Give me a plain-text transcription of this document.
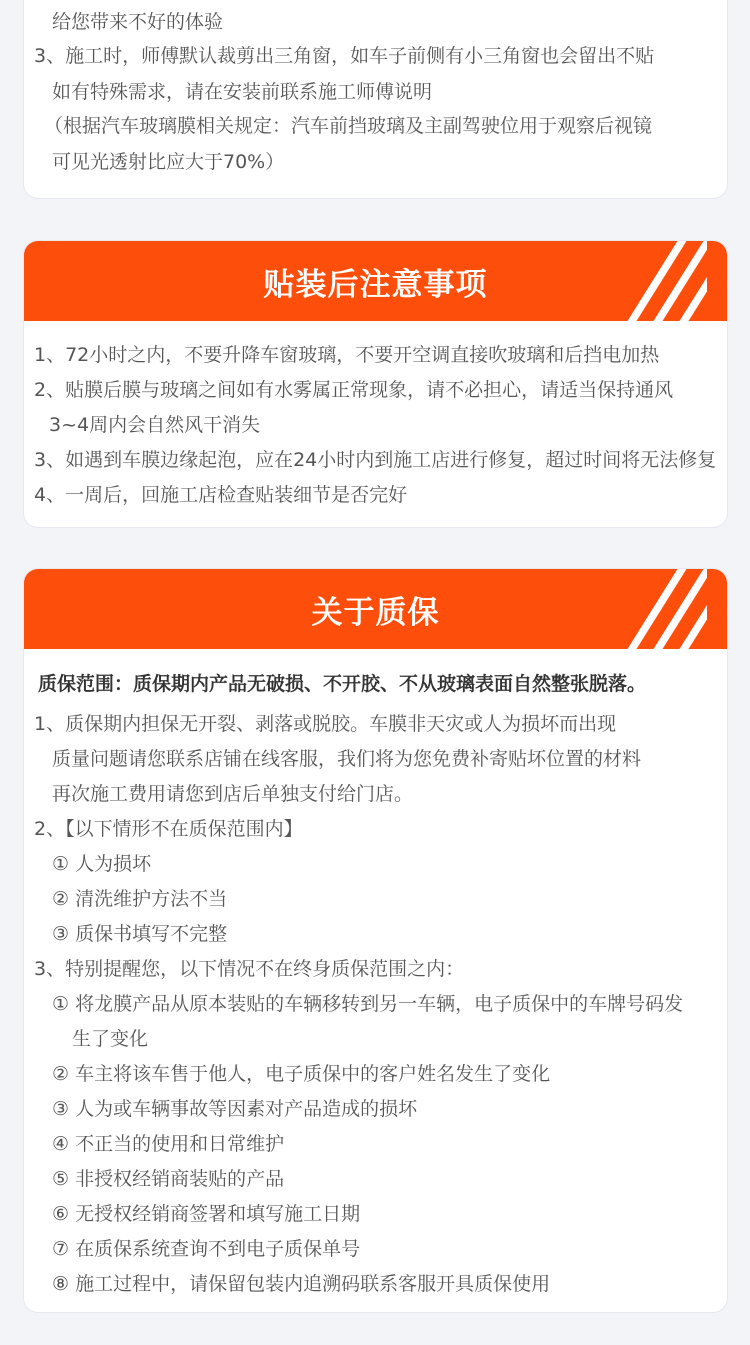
给您带来不好的体验
3、施工时，师傅默认裁剪出三角窗，如车子前侧有小三角窗也会留出不贴
如有特殊需求，请在安装前联系施工师傅说明
（根据汽车玻璃膜相关规定：汽车前挡玻璃及主副驾驶位用于观察后视镜
可见光透射比应大于70%）
贴装后注意事项
1、72小时之内，不要升降车窗玻璃，不要开空调直接吹玻璃和后挡电加热
2、贴膜后膜与玻璃之间如有水雾属正常现象，请不必担心，请适当保持通风
3~4周内会自然风干消失
3、如遇到车膜边缘起泡，应在24小时内到施工店进行修复，超过时间将无法修复
4、一周后，回施工店检查贴装细节是否完好
关于质保
质保范围：质保期内产品无破损、不开胶、不从玻璃表面自然整张脱落。
1、质保期内担保无开裂、剥落或脱胶。车膜非天灾或人为损坏而出现
质量问题请您联系店铺在线客服，我们将为您免费补寄贴坏位置的材料
再次施工费用请您到店后单独支付给门店。
2、【以下情形不在质保范围内】
① 人为损坏
② 清洗维护方法不当
③ 质保书填写不完整
3、特别提醒您，以下情况不在终身质保范围之内：
① 将龙膜产品从原本装贴的车辆移转到另一车辆，电子质保中的车牌号码发
生了变化
② 车主将该车售于他人，电子质保中的客户姓名发生了变化
③ 人为或车辆事故等因素对产品造成的损坏
④ 不正当的使用和日常维护
⑤ 非授权经销商装贴的产品
⑥ 无授权经销商签署和填写施工日期
⑦ 在质保系统查询不到电子质保单号
⑧ 施工过程中，请保留包装内追溯码联系客服开具质保使用
